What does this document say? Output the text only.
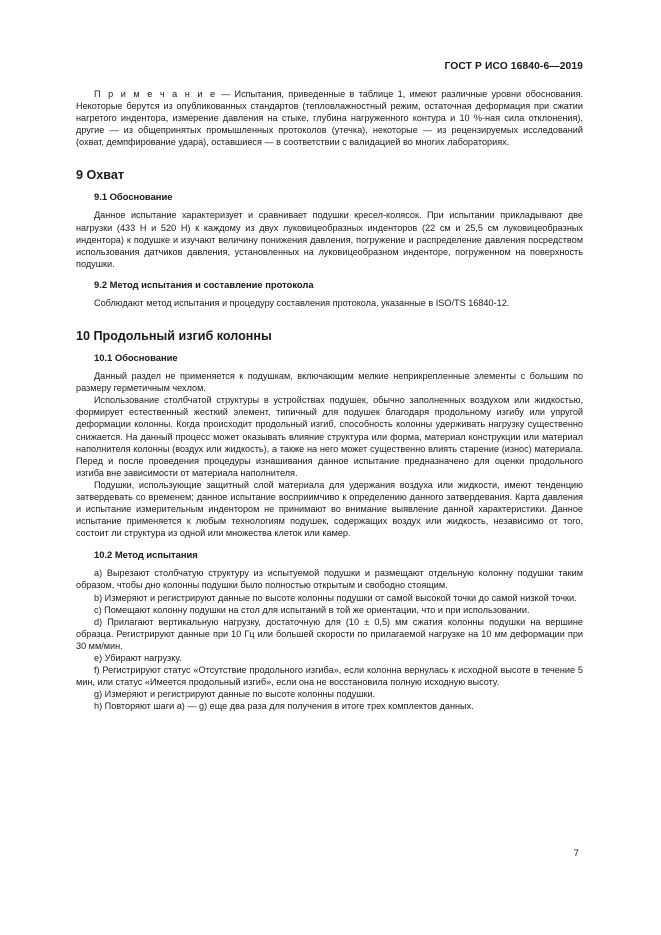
ГОСТ Р ИСО 16840-6—2019

П р и м е ч а н и е — Испытания, приведенные в таблице 1, имеют различные уровни обоснования. Некоторые берутся из опубликованных стандартов (тепловлажностный режим, остаточная деформация при сжатии нагретого индентора, измерение давления на стыке, глубина нагруженного контура и 10 %-ная сила отклонения), другие — из общепринятых промышленных протоколов (утечка), некоторые — из рецензируемых исследований (охват, демпфирование удара), оставшиеся — в соответствии с валидацией во многих лабораториях.

9 Охват
9.1 Обоснование

Данное испытание характеризует и сравнивает подушки кресел-колясок. При испытании прикладывают две нагрузки (433 Н и 520 Н) к каждому из двух луковицеобразных инденторов (22 см и 25,5 см луковицеобразных индентора) к подушке и изучают величину понижения давления, погружение и распределение давления посредством использования датчиков давления, установленных на луковицеобразном инденторе, погруженном на поверхность подушки.

9.2 Метод испытания и составление протокола

Соблюдают метод испытания и процедуру составления протокола, указанные в ISO/TS 16840-12.

10 Продольный изгиб колонны
10.1 Обоснование

Данный раздел не применяется к подушкам, включающим мелкие неприкрепленные элементы с большим по размеру герметичным чехлом.

Использование столбчатой структуры в устройствах подушек, обычно заполненных воздухом или жидкостью, формирует естественный жесткий элемент, типичный для подушек благодаря продольному изгибу или упругой деформации колонны. Когда происходит продольный изгиб, способность колонны удерживать нагрузку существенно снижается. На данный процесс может оказывать влияние структура или форма, материал конструкции или материал наполнителя колонны (воздух или жидкость), а также на него может существенно влиять старение (износ) материала. Перед и после проведения процедуры изнашивания данное испытание предназначено для оценки продольного изгиба вне зависимости от материала наполнителя.

Подушки, использующие защитный слой материала для удержания воздуха или жидкости, имеют тенденцию затвердевать со временем; данное испытание восприимчиво к определению данного затвердевания. Карта давления и испытание измерительным индентором не принимают во внимание выявление данной характеристики. Данное испытание применяется к любым технологиям подушек, содержащих воздух или жидкость, независимо от того, состоит ли структура из одной или множества клеток или камер.

10.2 Метод испытания

a) Вырезают столбчатую структуру из испытуемой подушки и размещают отдельную колонну подушки таким образом, чтобы дно колонны подушки было полностью открытым и свободно стоящим.

b) Измеряют и регистрируют данные по высоте колонны подушки от самой высокой точки до самой низкой точки.

c) Помещают колонну подушки на стол для испытаний в той же ориентации, что и при использовании.

d) Прилагают вертикальную нагрузку, достаточную для (10 ± 0,5) мм сжатия колонны подушки на вершине образца. Регистрируют данные при 10 Гц или большей скорости по прилагаемой нагрузке на 10 мм деформации при 30 мм/мин.

e) Убирают нагрузку.

f) Регистрируют статус «Отсутствие продольного изгиба», если колонна вернулась к исходной высоте в течение 5 мин, или статус «Имеется продольный изгиб», если она не восстановила полную исходную высоту.

g) Измеряют и регистрируют данные по высоте колонны подушки.

h) Повторяют шаги a) — g) еще два раза для получения в итоге трех комплектов данных.

7
